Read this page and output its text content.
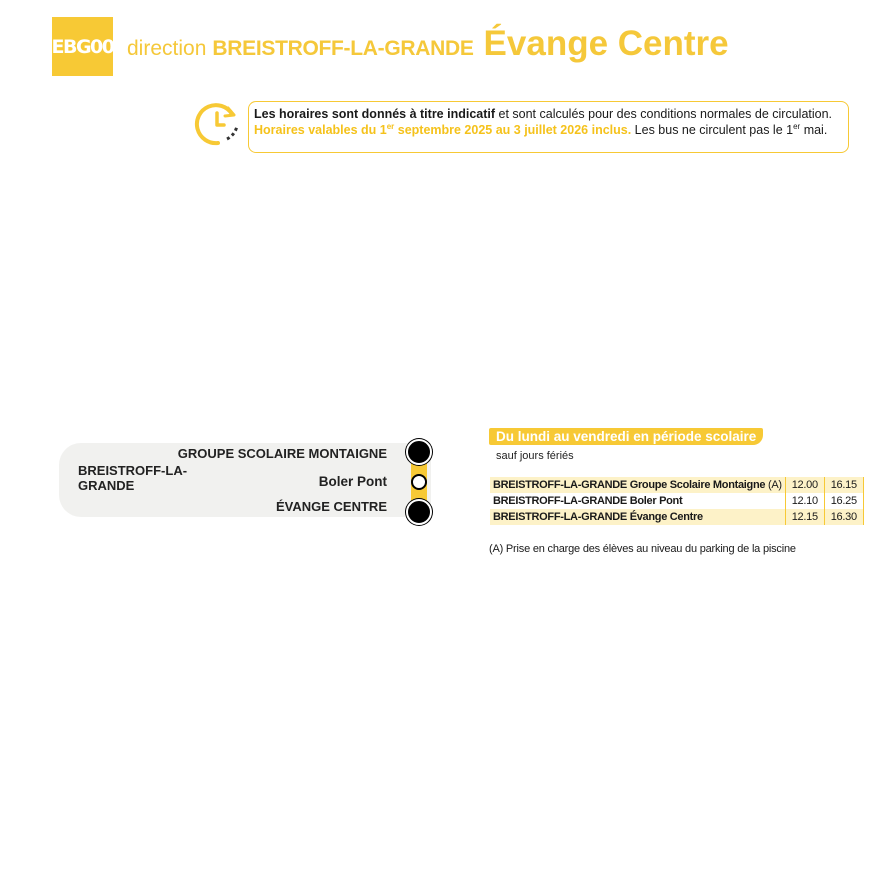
EBG00 direction BREISTROFF-LA-GRANDE Évange Centre
Les horaires sont donnés à titre indicatif et sont calculés pour des conditions normales de circulation.
Horaires valables du 1er septembre 2025 au 3 juillet 2026 inclus. Les bus ne circulent pas le 1er mai.
BREISTROFF-LA-GRANDE
GROUPE SCOLAIRE MONTAIGNE
Boler Pont
ÉVANGE CENTRE
Du lundi au vendredi en période scolaire
sauf jours fériés
BREISTROFF-LA-GRANDE Groupe Scolaire Montaigne (A)	12.00	16.15
BREISTROFF-LA-GRANDE Boler Pont	12.10	16.25
BREISTROFF-LA-GRANDE Évange Centre	12.15	16.30
(A) Prise en charge des élèves au niveau du parking de la piscine
